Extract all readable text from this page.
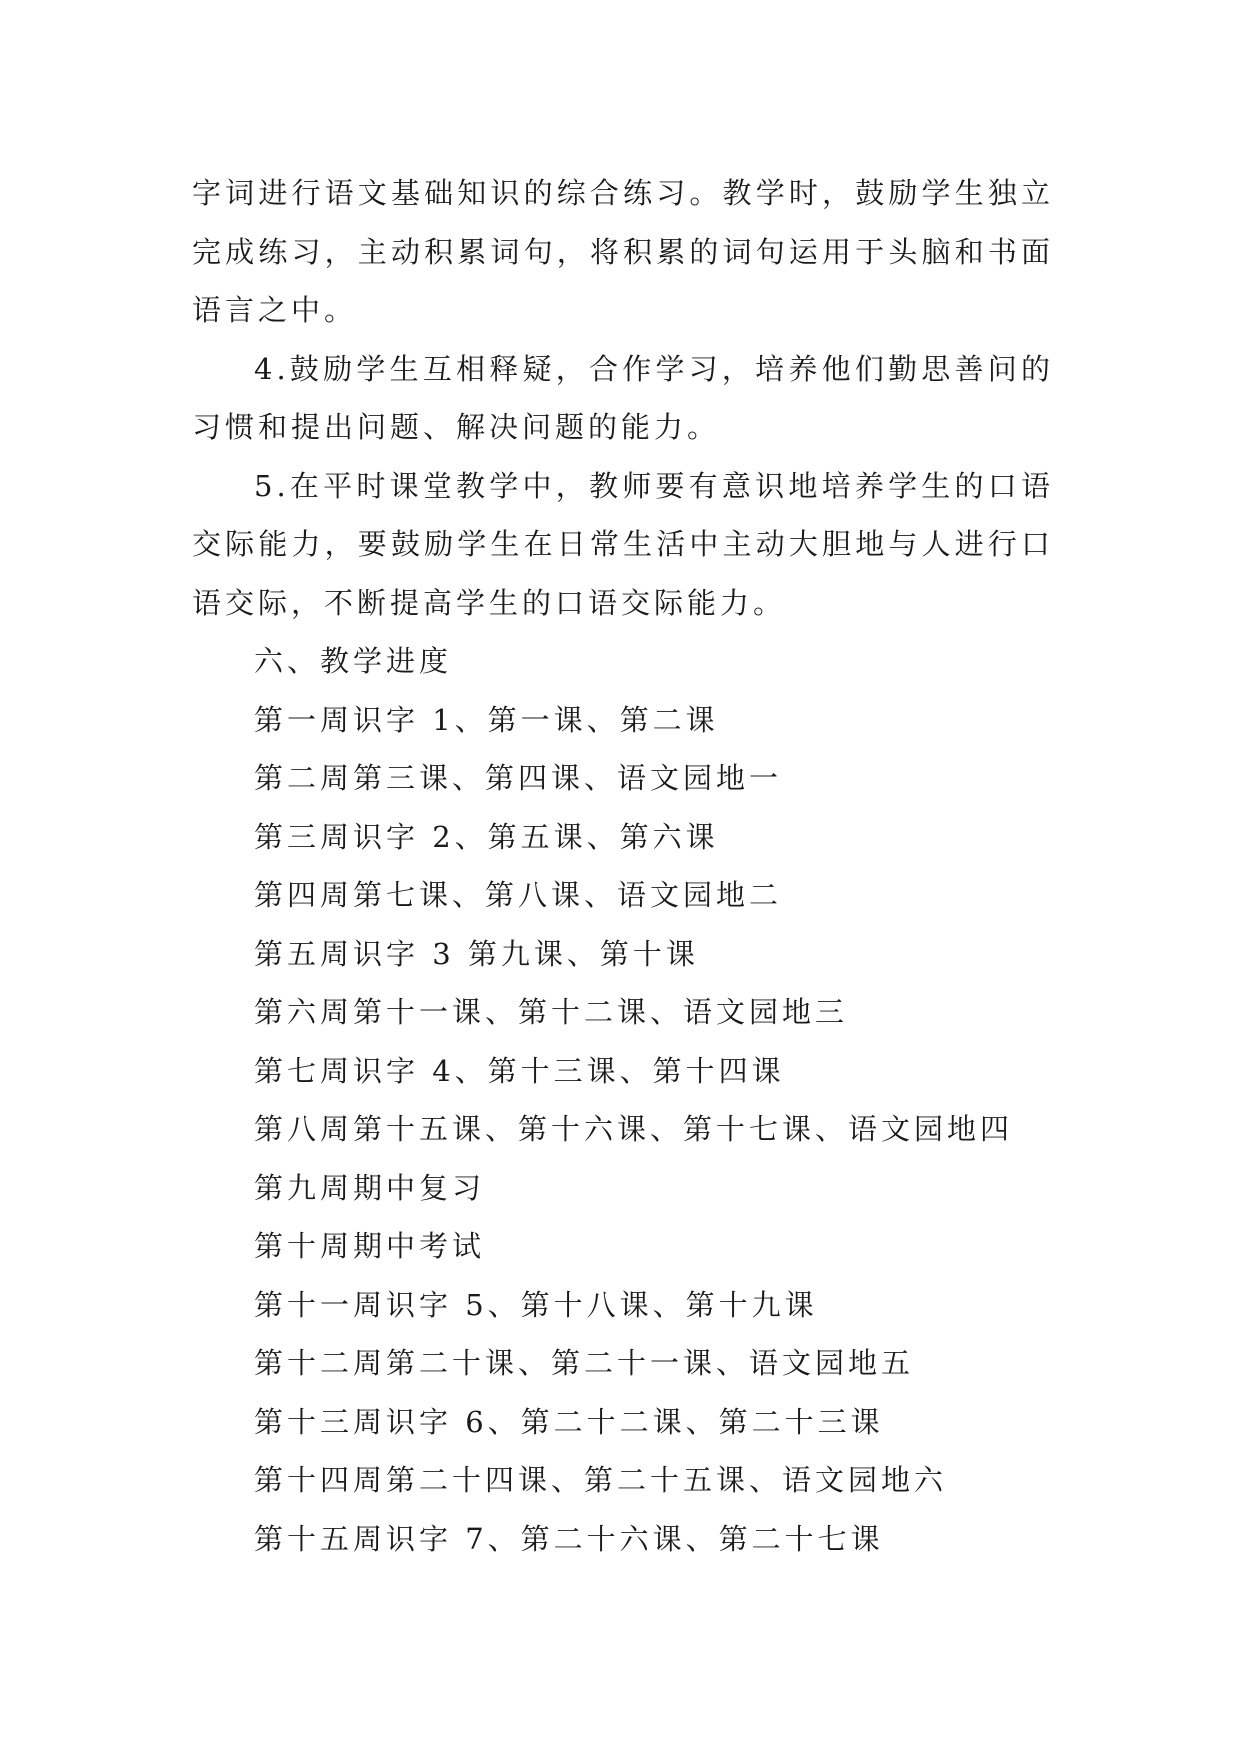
字词进行语文基础知识的综合练习。教学时，鼓励学生独立完成练习，主动积累词句，将积累的词句运用于头脑和书面语言之中。

4.鼓励学生互相释疑，合作学习，培养他们勤思善问的习惯和提出问题、解决问题的能力。

5.在平时课堂教学中，教师要有意识地培养学生的口语交际能力，要鼓励学生在日常生活中主动大胆地与人进行口语交际，不断提高学生的口语交际能力。

六、教学进度

第一周识字 1、第一课、第二课

第二周第三课、第四课、语文园地一

第三周识字 2、第五课、第六课

第四周第七课、第八课、语文园地二

第五周识字 3 第九课、第十课

第六周第十一课、第十二课、语文园地三

第七周识字 4、第十三课、第十四课

第八周第十五课、第十六课、第十七课、语文园地四

第九周期中复习

第十周期中考试

第十一周识字 5、第十八课、第十九课

第十二周第二十课、第二十一课、语文园地五

第十三周识字 6、第二十二课、第二十三课

第十四周第二十四课、第二十五课、语文园地六

第十五周识字 7、第二十六课、第二十七课
